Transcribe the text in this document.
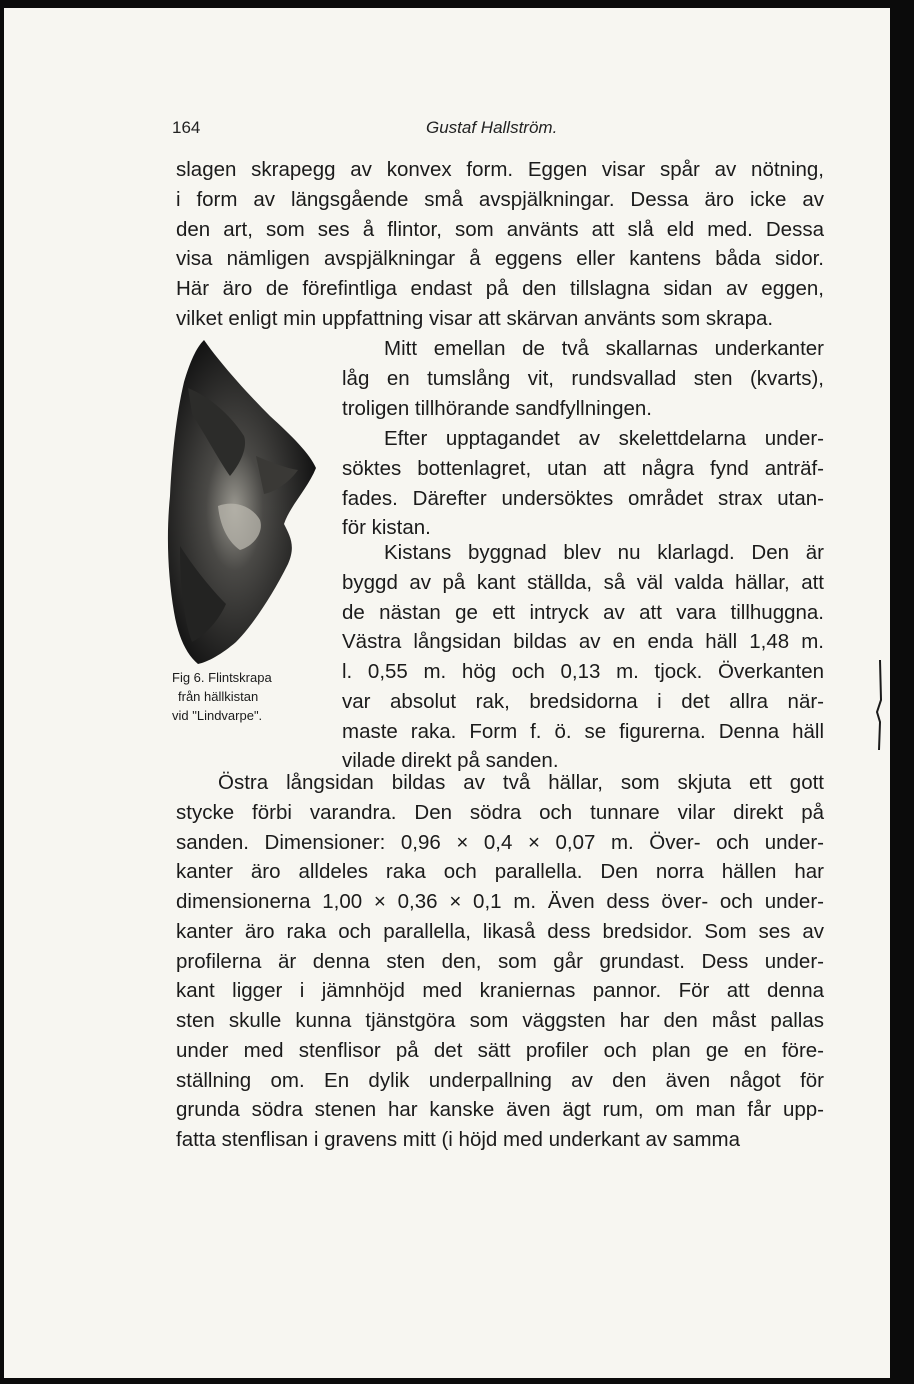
164	Gustaf Hallström.
slagen skrapegg av konvex form. Eggen visar spår av nötning,
i form av längsgående små avspjälkningar. Dessa äro icke av
den art, som ses å flintor, som använts att slå eld med. Dessa
visa nämligen avspjälkningar å eggens eller kantens båda sidor.
Här äro de förefintliga endast på den tillslagna sidan av eggen,
vilket enligt min uppfattning visar att skärvan använts som skrapa.
Mitt emellan de två skallarnas underkanter
låg en tumslång vit, rundsvallad sten (kvarts),
troligen tillhörande sandfyllningen.
Efter upptagandet av skelettdelarna under-
söktes bottenlagret, utan att några fynd anträf-
fades. Därefter undersöktes området strax utan-
för kistan.
Kistans byggnad blev nu klarlagd. Den är
byggd av på kant ställda, så väl valda hällar, att
de nästan ge ett intryck av att vara tillhuggna.
Västra långsidan bildas av en enda häll 1,48 m.
l. 0,55 m. hög och 0,13 m. tjock. Överkanten
var absolut rak, bredsidorna i det allra när-
maste raka. Form f. ö. se figurerna. Denna häll
vilade direkt på sanden.
Östra långsidan bildas av två hällar, som skjuta ett gott
stycke förbi varandra. Den södra och tunnare vilar direkt på
sanden. Dimensioner: 0,96 × 0,4 × 0,07 m. Över- och under-
kanter äro alldeles raka och parallella. Den norra hällen har
dimensionerna 1,00 × 0,36 × 0,1 m. Även dess över- och under-
kanter äro raka och parallella, likaså dess bredsidor. Som ses av
profilerna är denna sten den, som går grundast. Dess under-
kant ligger i jämnhöjd med kraniernas pannor. För att denna
sten skulle kunna tjänstgöra som väggsten har den måst pallas
under med stenflisor på det sätt profiler och plan ge en före-
ställning om. En dylik underpallning av den även något för
grunda södra stenen har kanske även ägt rum, om man får upp-
fatta stenflisan i gravens mitt (i höjd med underkant av samma
Fig 6. Flintskrapa
från hällkistan
vid "Lindvarpe".
